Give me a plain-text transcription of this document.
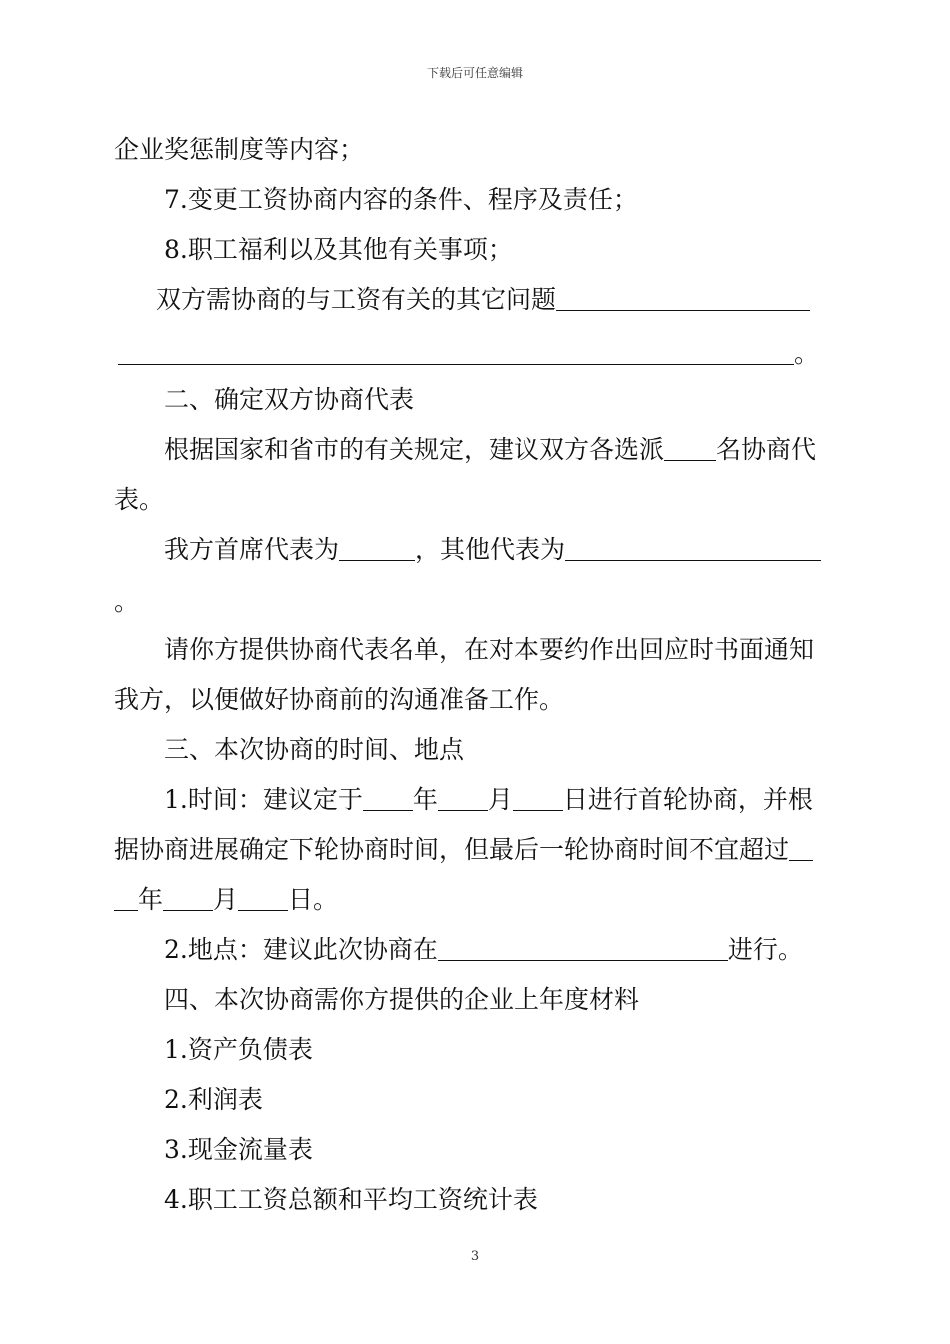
下载后可任意编辑
企业奖惩制度等内容；
7.变更工资协商内容的条件、程序及责任；
8.职工福利以及其他有关事项；
双方需协商的与工资有关的其它问题
。
二、确定双方协商代表
根据国家和省市的有关规定，建议双方各选派 名协商代
表。
我方首席代表为	，其他代表为
。
请你方提供协商代表名单，在对本要约作出回应时书面通知
我方，以便做好协商前的沟通准备工作。
三、本次协商的时间、地点
1.时间：建议定于 年 月 日进行首轮协商，并根
据协商进展确定下轮协商时间，但最后一轮协商时间不宜超过
年 月 日。
2.地点：建议此次协商在	进行。
四、本次协商需你方提供的企业上年度材料
1.资产负债表
2.利润表
3.现金流量表
4.职工工资总额和平均工资统计表
3
